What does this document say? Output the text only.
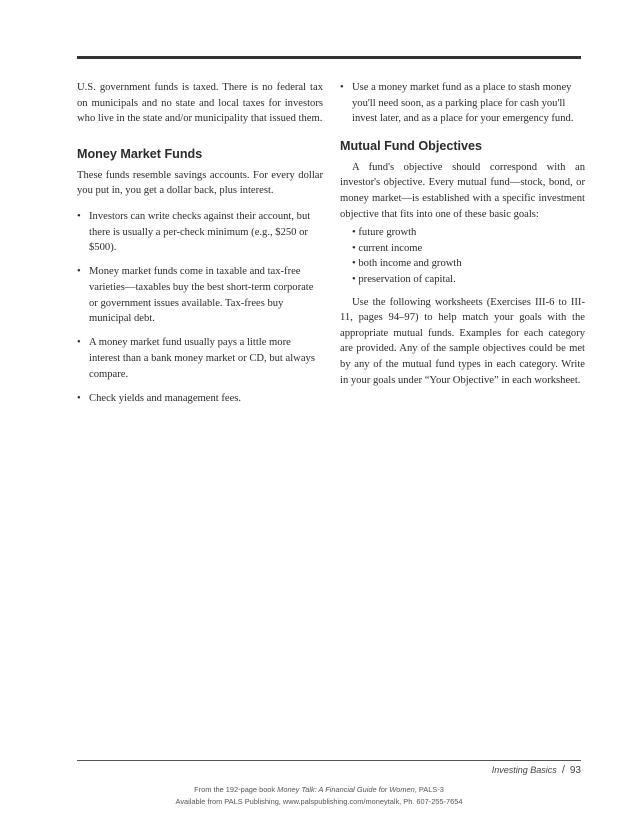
U.S. government funds is taxed. There is no federal tax on municipals and no state and local taxes for investors who live in the state and/or municipality that issued them.

Money Market Funds

These funds resemble savings accounts. For every dollar you put in, you get a dollar back, plus interest.

• Investors can write checks against their account, but there is usually a per-check minimum (e.g., $250 or $500).
• Money market funds come in taxable and tax-free varieties—taxables buy the best short-term corporate or government issues available. Tax-frees buy municipal debt.
• A money market fund usually pays a little more interest than a bank money market or CD, but always compare.
• Check yields and management fees.
• Use a money market fund as a place to stash money you'll need soon, as a parking place for cash you'll invest later, and as a place for your emergency fund.
Mutual Fund Objectives

A fund's objective should correspond with an investor's objective. Every mutual fund—stock, bond, or money market—is established with a specific investment objective that fits into one of these basic goals:

• future growth
• current income
• both income and growth
• preservation of capital.

Use the following worksheets (Exercises III-6 to III-11, pages 94–97) to help match your goals with the appropriate mutual funds. Examples for each category are provided. Any of the sample objectives could be met by any of the mutual fund types in each category. Write in your goals under “Your Objective” in each worksheet.

Investing Basics / 93
From the 192-page book Money Talk: A Financial Guide for Women, PALS-3
Available from PALS Publishing, www.palspublishing.com/moneytalk, Ph. 607-255-7654
